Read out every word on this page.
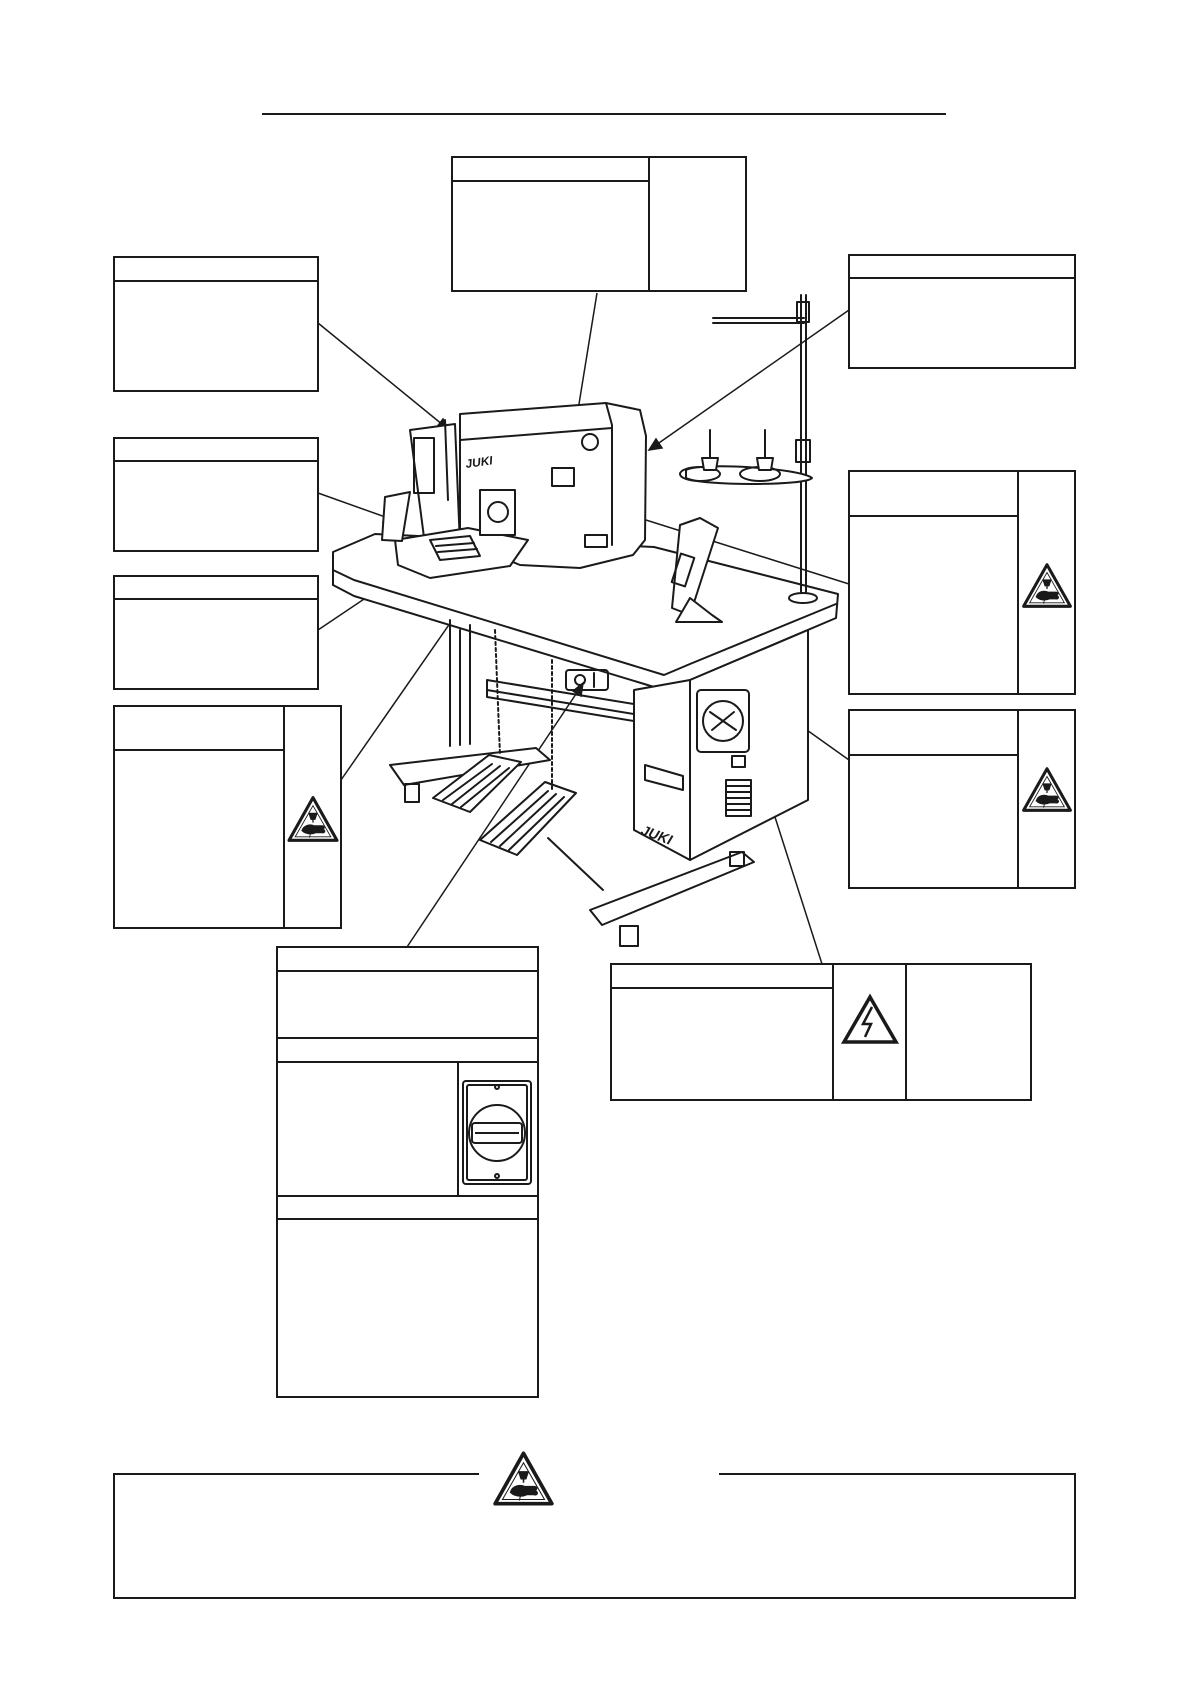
JUKI
JUKI
